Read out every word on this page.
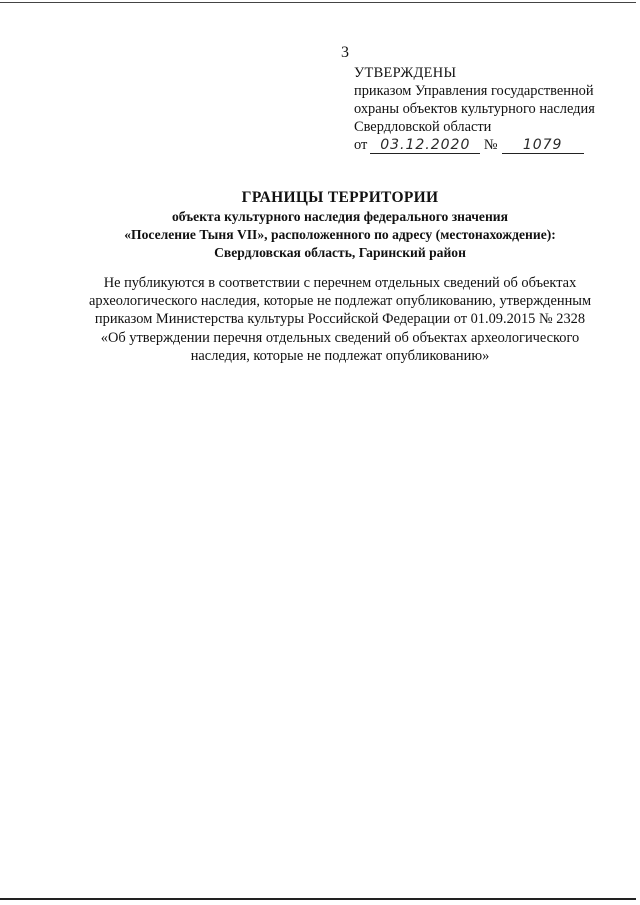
3
УТВЕРЖДЕНЫ
приказом Управления государственной
охраны объектов культурного наследия
Свердловской области
от 03.12.2020 № 1079
ГРАНИЦЫ ТЕРРИТОРИИ
объекта культурного наследия федерального значения
«Поселение Тыня VII», расположенного по адресу (местонахождение):
Свердловская область, Гаринский район
Не публикуются в соответствии с перечнем отдельных сведений об объектах
археологического наследия, которые не подлежат опубликованию, утвержденным
приказом Министерства культуры Российской Федерации от 01.09.2015 № 2328
«Об утверждении перечня отдельных сведений об объектах археологического
наследия, которые не подлежат опубликованию»
